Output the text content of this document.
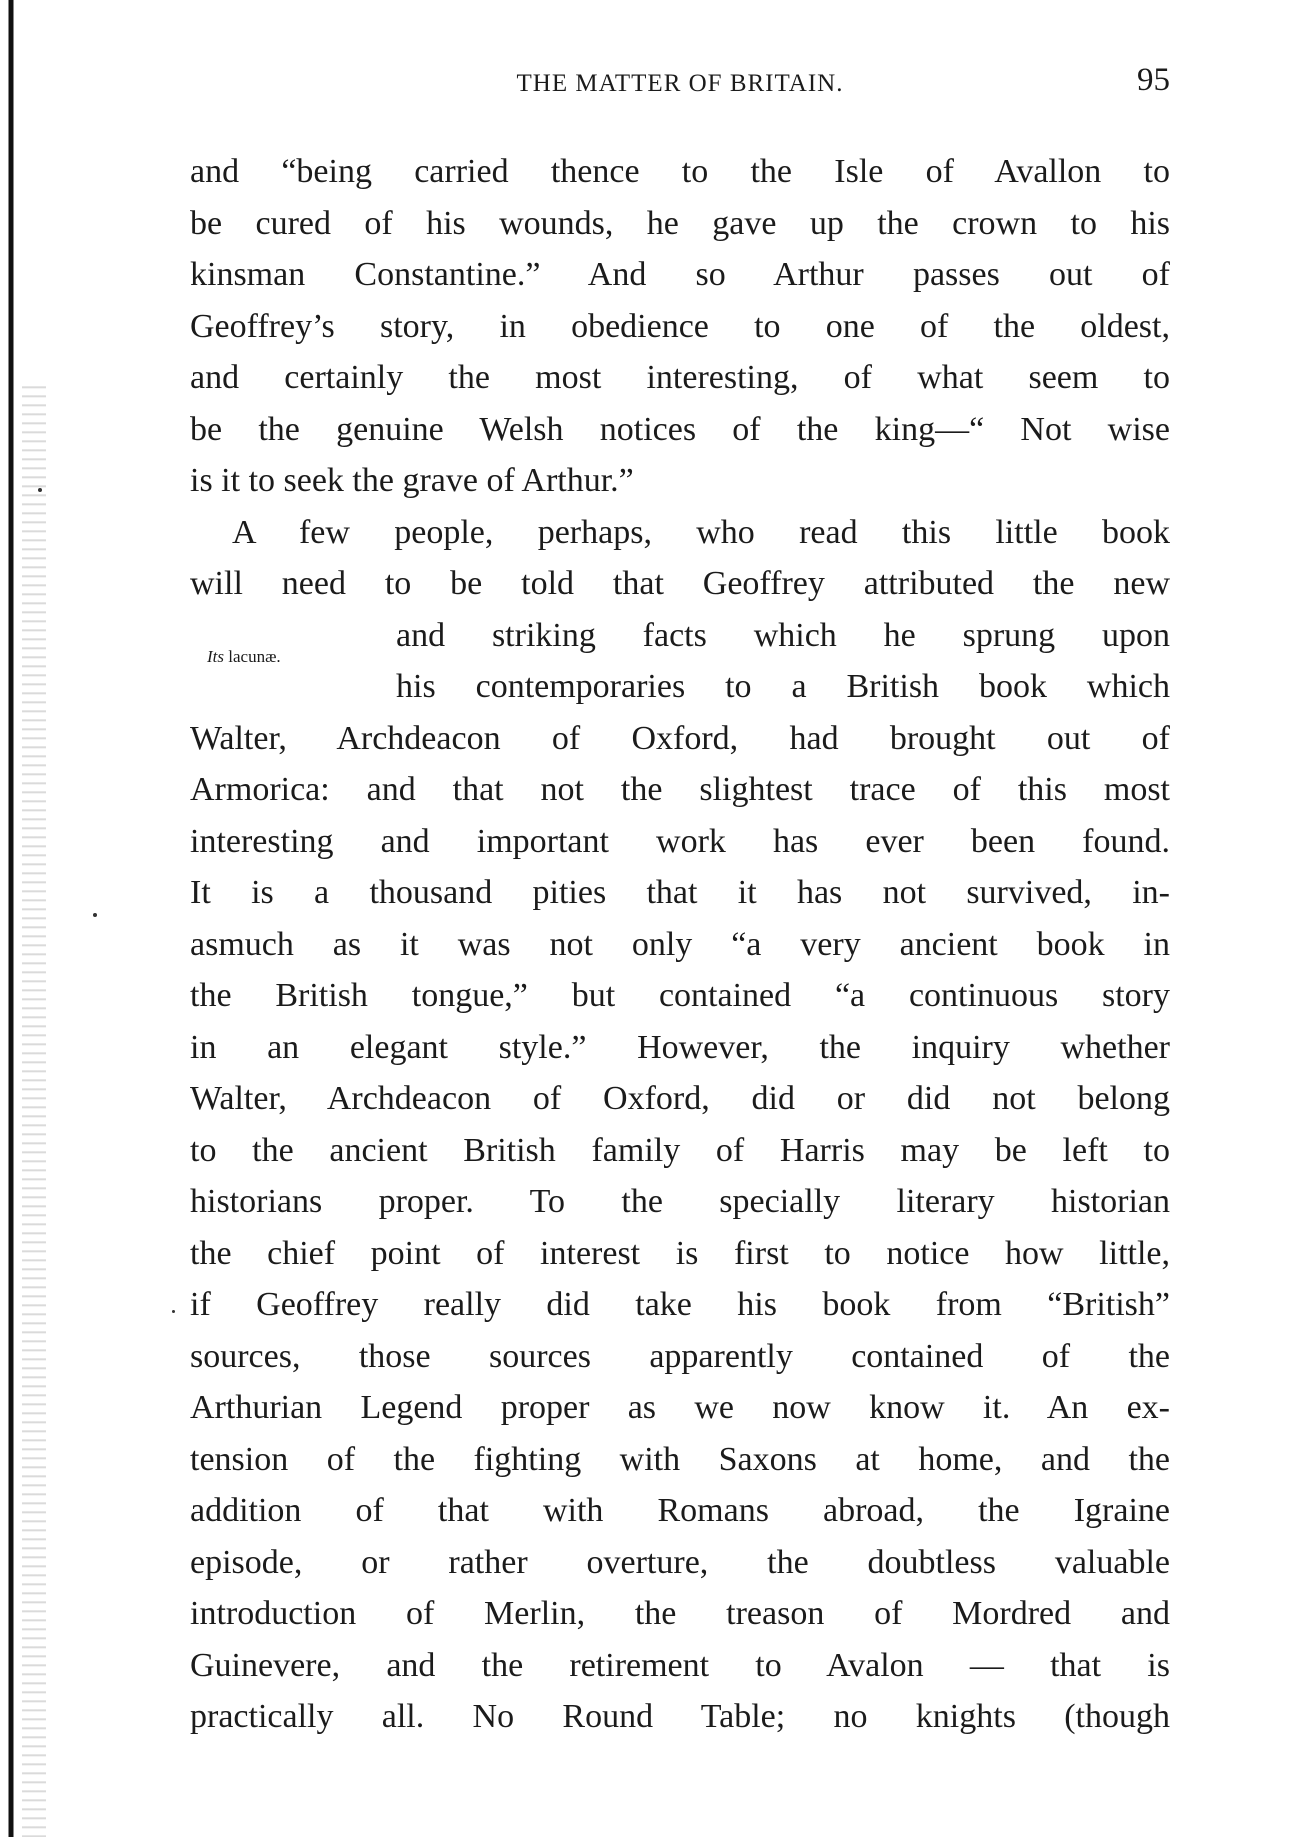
THE MATTER OF BRITAIN.	95
Its lacunæ.
and “being carried thence to the Isle of Avallon to
be cured of his wounds, he gave up the crown to his
kinsman Constantine.” And so Arthur passes out of
Geoffrey’s story, in obedience to one of the oldest,
and certainly the most interesting, of what seem to
be the genuine Welsh notices of the king—“ Not wise
is it to seek the grave of Arthur.”
A few people, perhaps, who read this little book
will need to be told that Geoffrey attributed the new
and striking facts which he sprung upon
his contemporaries to a British book which
Walter, Archdeacon of Oxford, had brought out of
Armorica: and that not the slightest trace of this most
interesting and important work has ever been found.
It is a thousand pities that it has not survived, in-
asmuch as it was not only “a very ancient book in
the British tongue,” but contained “a continuous story
in an elegant style.” However, the inquiry whether
Walter, Archdeacon of Oxford, did or did not belong
to the ancient British family of Harris may be left to
historians proper. To the specially literary historian
the chief point of interest is first to notice how little,
if Geoffrey really did take his book from “British”
sources, those sources apparently contained of the
Arthurian Legend proper as we now know it. An ex-
tension of the fighting with Saxons at home, and the
addition of that with Romans abroad, the Igraine
episode, or rather overture, the doubtless valuable
introduction of Merlin, the treason of Mordred and
Guinevere, and the retirement to Avalon — that is
practically all. No Round Table; no knights (though
